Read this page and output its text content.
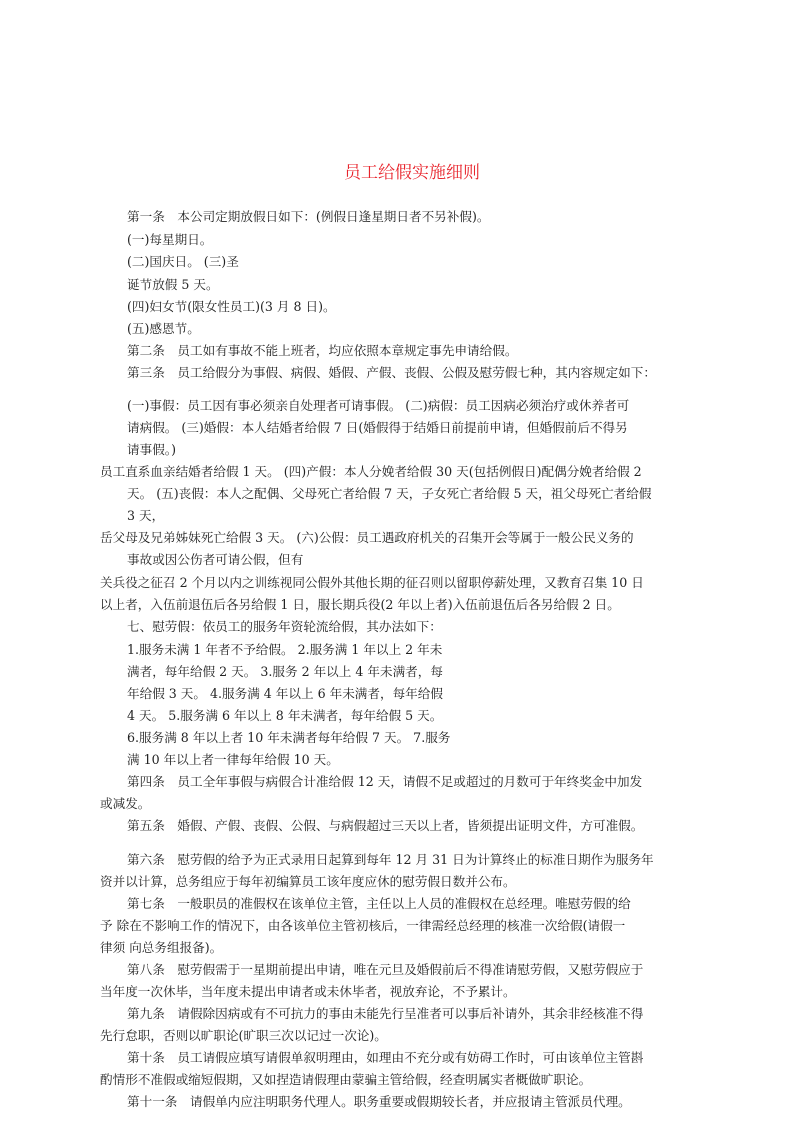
员工给假实施细则
第一条　本公司定期放假日如下：(例假日逢星期日者不另补假)。
(一)每星期日。
(二)国庆日。 (三)圣
诞节放假 5 天。
(四)妇女节(限女性员工)(3 月 8 日)。
(五)感恩节。
第二条　员工如有事故不能上班者，均应依照本章规定事先申请给假。
第三条　员工给假分为事假、病假、婚假、产假、丧假、公假及慰劳假七种，其内容规定如下：
(一)事假：员工因有事必须亲自处理者可请事假。 (二)病假：员工因病必须治疗或休养者可
请病假。 (三)婚假：本人结婚者给假 7 日(婚假得于结婚日前提前申请，但婚假前后不得另
请事假。)
员工直系血亲结婚者给假 1 天。 (四)产假：本人分娩者给假 30 天(包括例假日)配偶分娩者给假 2
天。 (五)丧假：本人之配偶、父母死亡者给假 7 天，子女死亡者给假 5 天，祖父母死亡者给假
3 天，
岳父母及兄弟姊妹死亡给假 3 天。 (六)公假：员工遇政府机关的召集开会等属于一般公民义务的
事故或因公伤者可请公假，但有
关兵役之征召 2 个月以内之训练视同公假外其他长期的征召则以留职停薪处理，又教育召集 10 日
以上者，入伍前退伍后各另给假 1 日，服长期兵役(2 年以上者)入伍前退伍后各另给假 2 日。
七、慰劳假：依员工的服务年资轮流给假，其办法如下：
1.服务未满 1 年者不予给假。 2.服务满 1 年以上 2 年未
满者，每年给假 2 天。 3.服务 2 年以上 4 年未满者，每
年给假 3 天。 4.服务满 4 年以上 6 年未满者，每年给假
4 天。 5.服务满 6 年以上 8 年未满者，每年给假 5 天。
6.服务满 8 年以上者 10 年未满者每年给假 7 天。 7.服务
满 10 年以上者一律每年给假 10 天。
第四条　员工全年事假与病假合计准给假 12 天，请假不足或超过的月数可于年终奖金中加发
或减发。
第五条　婚假、产假、丧假、公假、与病假超过三天以上者，皆须提出证明文件，方可准假。
第六条　慰劳假的给予为正式录用日起算到每年 12 月 31 日为计算终止的标准日期作为服务年
资并以计算，总务组应于每年初编算员工该年度应休的慰劳假日数并公布。
第七条　一般职员的准假权在该单位主管，主任以上人员的准假权在总经理。唯慰劳假的给
予 除在不影响工作的情况下，由各该单位主管初核后，一律需经总经理的核准一次给假(请假一
律须 向总务组报备)。
第八条　慰劳假需于一星期前提出申请，唯在元旦及婚假前后不得准请慰劳假，又慰劳假应于
当年度一次休毕，当年度未提出申请者或未休毕者，视放弃论，不予累计。
第九条　请假除因病或有不可抗力的事由未能先行呈准者可以事后补请外，其余非经核准不得
先行怠职，否则以旷职论(旷职三次以记过一次论)。
第十条　员工请假应填写请假单叙明理由，如理由不充分或有妨碍工作时，可由该单位主管斟
酌情形不准假或缩短假期，又如捏造请假理由蒙骗主管给假，经查明属实者概做旷职论。
第十一条　请假单内应注明职务代理人。职务重要或假期较长者，并应报请主管派员代理。
